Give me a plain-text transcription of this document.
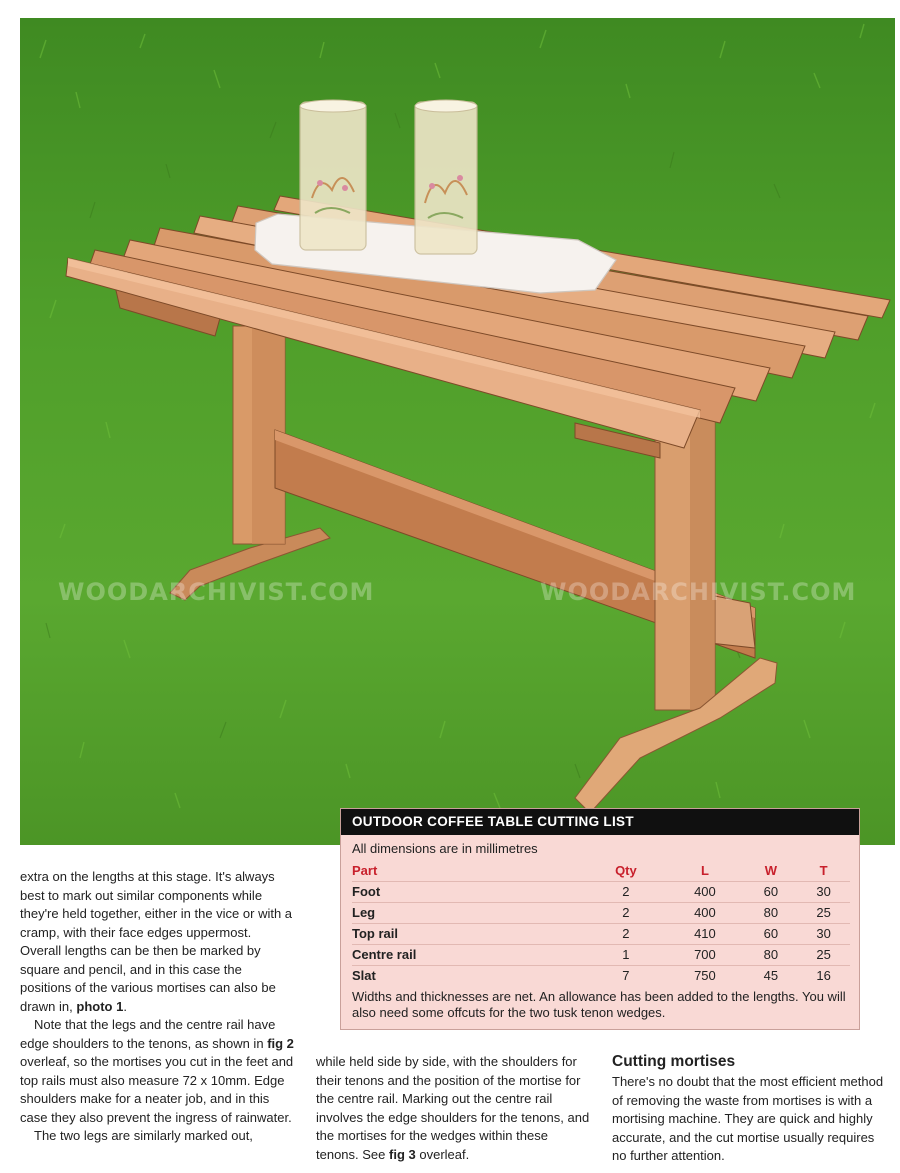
WOODARCHIVIST.COM	WOODARCHIVIST.COM
OUTDOOR COFFEE TABLE CUTTING LIST
All dimensions are in millimetres
Part	Qty	L	W	T
Foot	2	400	60	30
Leg	2	400	80	25
Top rail	2	410	60	30
Centre rail	1	700	80	25
Slat	7	750	45	16
Widths and thicknesses are net. An allowance has been added to the lengths. You will also need some offcuts for the two tusk tenon wedges.

extra on the lengths at this stage. It's always best to mark out similar components while they're held together, either in the vice or with a cramp, with their face edges uppermost. Overall lengths can be then be marked by square and pencil, and in this case the positions of the various mortises can also be drawn in, photo 1.

Note that the legs and the centre rail have edge shoulders to the tenons, as shown in fig 2 overleaf, so the mortises you cut in the feet and top rails must also measure 72 x 10mm. Edge shoulders make for a neater job, and in this case they also prevent the ingress of rainwater.

The two legs are similarly marked out,

while held side by side, with the shoulders for their tenons and the position of the mortise for the centre rail. Marking out the centre rail involves the edge shoulders for the tenons, and the mortises for the wedges within these tenons. See fig 3 overleaf.

Cutting mortises

There's no doubt that the most efficient method of removing the waste from mortises is with a mortising machine. They are quick and highly accurate, and the cut mortise usually requires no further attention.
